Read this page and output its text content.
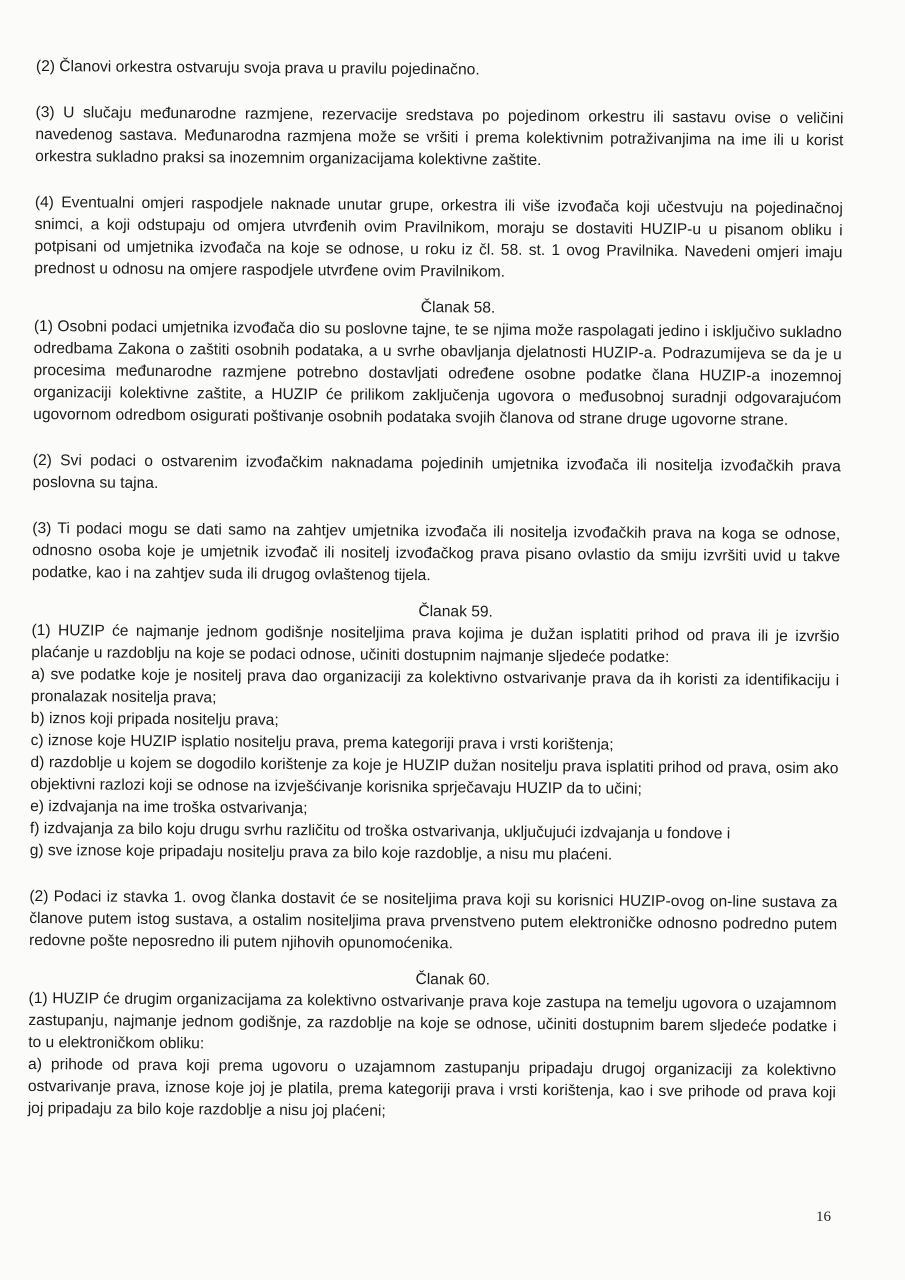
(2) Članovi orkestra ostvaruju svoja prava u pravilu pojedinačno.

(3) U slučaju međunarodne razmjene, rezervacije sredstava po pojedinom orkestru ili sastavu ovise o veličini navedenog sastava. Međunarodna razmjena može se vršiti i prema kolektivnim potraživanjima na ime ili u korist orkestra sukladno praksi sa inozemnim organizacijama kolektivne zaštite.

(4) Eventualni omjeri raspodjele naknade unutar grupe, orkestra ili više izvođača koji učestvuju na pojedinačnoj snimci, a koji odstupaju od omjera utvrđenih ovim Pravilnikom, moraju se dostaviti HUZIP-u u pisanom obliku i potpisani od umjetnika izvođača na koje se odnose, u roku iz čl. 58. st. 1 ovog Pravilnika. Navedeni omjeri imaju prednost u odnosu na omjere raspodjele utvrđene ovim Pravilnikom.

Članak 58.

(1) Osobni podaci umjetnika izvođača dio su poslovne tajne, te se njima može raspolagati jedino i isključivo sukladno odredbama Zakona o zaštiti osobnih podataka, a u svrhe obavljanja djelatnosti HUZIP-a. Podrazumijeva se da je u procesima međunarodne razmjene potrebno dostavljati određene osobne podatke člana HUZIP-a inozemnoj organizaciji kolektivne zaštite, a HUZIP će prilikom zaključenja ugovora o međusobnoj suradnji odgovarajućom ugovornom odredbom osigurati poštivanje osobnih podataka svojih članova od strane druge ugovorne strane.

(2) Svi podaci o ostvarenim izvođačkim naknadama pojedinih umjetnika izvođača ili nositelja izvođačkih prava poslovna su tajna.

(3) Ti podaci mogu se dati samo na zahtjev umjetnika izvođača ili nositelja izvođačkih prava na koga se odnose, odnosno osoba koje je umjetnik izvođač ili nositelj izvođačkog prava pisano ovlastio da smiju izvršiti uvid u takve podatke, kao i na zahtjev suda ili drugog ovlaštenog tijela.

Članak 59.

(1) HUZIP će najmanje jednom godišnje nositeljima prava kojima je dužan isplatiti prihod od prava ili je izvršio plaćanje u razdoblju na koje se podaci odnose, učiniti dostupnim najmanje sljedeće podatke:

a) sve podatke koje je nositelj prava dao organizaciji za kolektivno ostvarivanje prava da ih koristi za identifikaciju i pronalazak nositelja prava;

b) iznos koji pripada nositelju prava;

c) iznose koje HUZIP isplatio nositelju prava, prema kategoriji prava i vrsti korištenja;

d) razdoblje u kojem se dogodilo korištenje za koje je HUZIP dužan nositelju prava isplatiti prihod od prava, osim ako objektivni razlozi koji se odnose na izvješćivanje korisnika sprječavaju HUZIP da to učini;

e) izdvajanja na ime troška ostvarivanja;

f) izdvajanja za bilo koju drugu svrhu različitu od troška ostvarivanja, uključujući izdvajanja u fondove i

g) sve iznose koje pripadaju nositelju prava za bilo koje razdoblje, a nisu mu plaćeni.

(2) Podaci iz stavka 1. ovog članka dostavit će se nositeljima prava koji su korisnici HUZIP-ovog on-line sustava za članove putem istog sustava, a ostalim nositeljima prava prvenstveno putem elektroničke odnosno podredno putem redovne pošte neposredno ili putem njihovih opunomoćenika.

Članak 60.

(1) HUZIP će drugim organizacijama za kolektivno ostvarivanje prava koje zastupa na temelju ugovora o uzajamnom zastupanju, najmanje jednom godišnje, za razdoblje na koje se odnose, učiniti dostupnim barem sljedeće podatke i to u elektroničkom obliku:

a) prihode od prava koji prema ugovoru o uzajamnom zastupanju pripadaju drugoj organizaciji za kolektivno ostvarivanje prava, iznose koje joj je platila, prema kategoriji prava i vrsti korištenja, kao i sve prihode od prava koji joj pripadaju za bilo koje razdoblje a nisu joj plaćeni;

16
